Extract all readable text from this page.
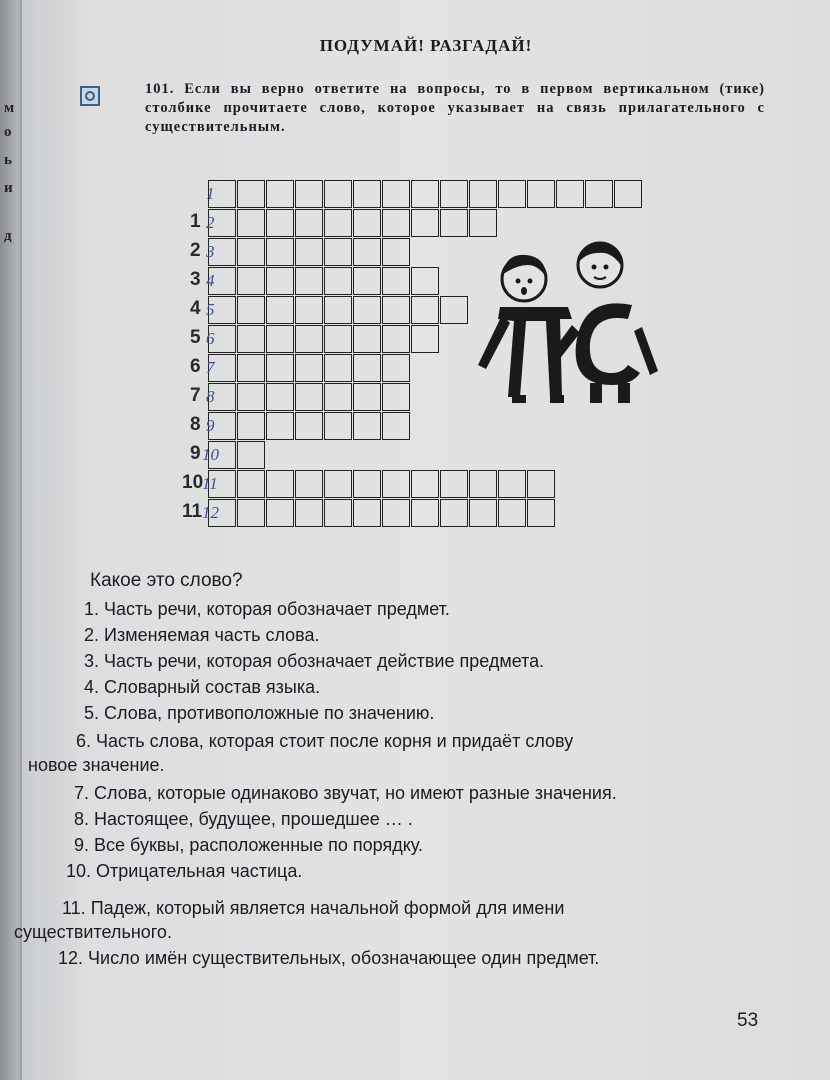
м
о
ь
и
д
ПОДУМАЙ! РАЗГАДАЙ!
101. Если вы верно ответите на вопросы, то в первом вертикальном (тике) столбике прочитаете слово, которое указывает на связь прилагательного с существительным.
1
2
3
4
5
6
7
8
9
10
11
1
2
3
4
5
6
7
8
9
10
11
12
Какое это слово?
1. Часть речи, которая обозначает предмет.
2. Изменяемая часть слова.
3. Часть речи, которая обозначает действие предмета.
4. Словарный состав языка.
5. Слова, противоположные по значению.
6. Часть слова, которая стоит после корня и придаёт слову
новое значение.
7. Слова, которые одинаково звучат, но имеют разные значения.
8. Настоящее, будущее, прошедшее … .
9. Все буквы, расположенные по порядку.
10. Отрицательная частица.
11. Падеж, который является начальной формой для имени
существительного.
12. Число имён существительных, обозначающее один предмет.
53
